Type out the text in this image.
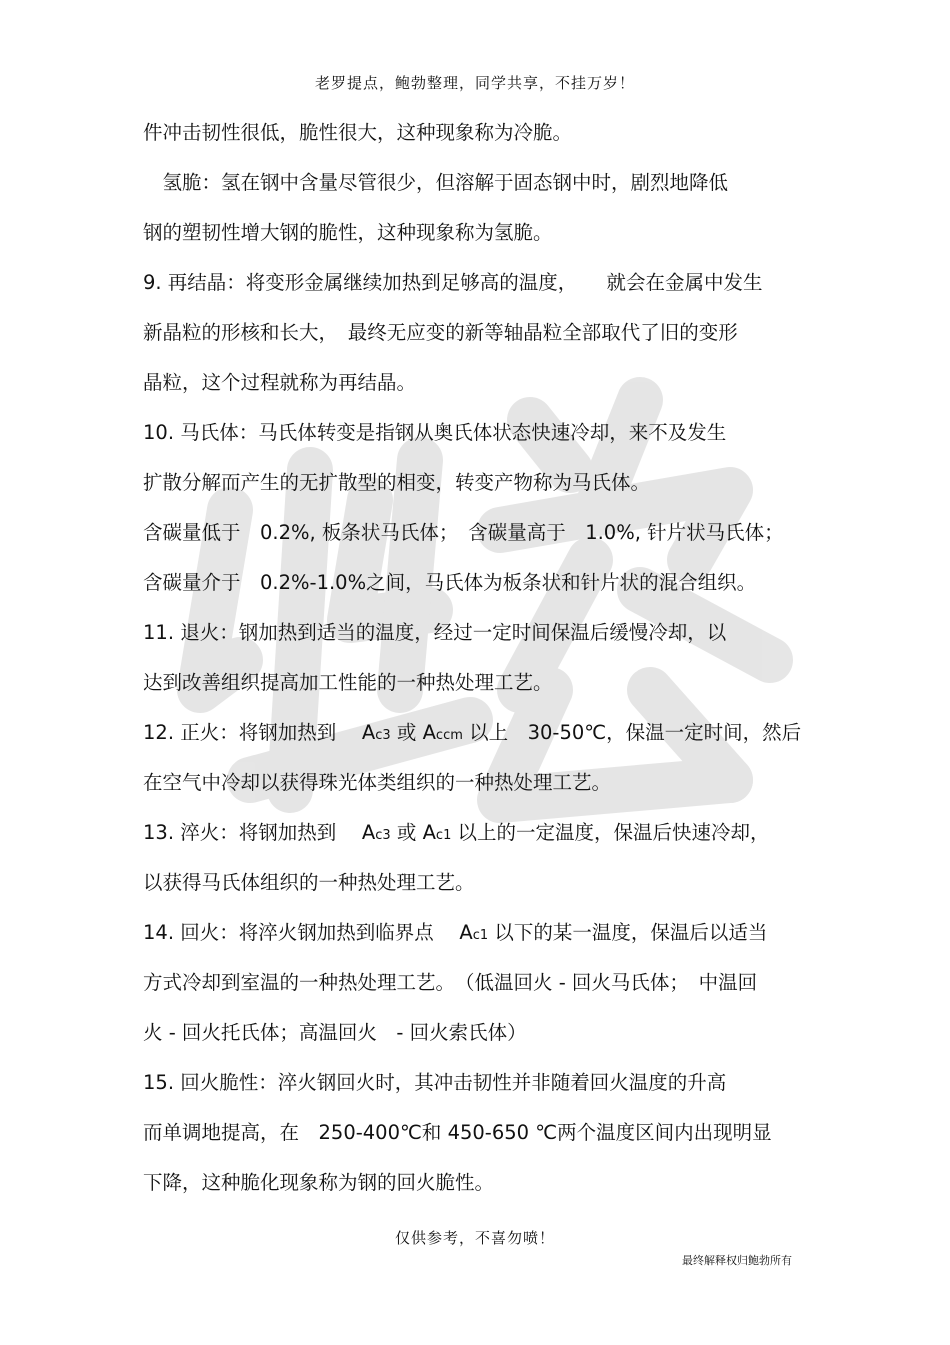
老罗提点，鲍勃整理，同学共享，不挂万岁！
件冲击韧性很低，脆性很大，这种现象称为冷脆。
　氢脆：氢在钢中含量尽管很少，但溶解于固态钢中时，剧烈地降低
钢的塑韧性增大钢的脆性，这种现象称为氢脆。
9. 再结晶：将变形金属继续加热到足够高的温度，　　就会在金属中发生
新晶粒的形核和长大，　最终无应变的新等轴晶粒全部取代了旧的变形
晶粒，这个过程就称为再结晶。
10. 马氏体：马氏体转变是指钢从奥氏体状态快速冷却，来不及发生
扩散分解而产生的无扩散型的相变，转变产物称为马氏体。
含碳量低于　0.2%, 板条状马氏体；　含碳量高于　1.0%, 针片状马氏体；
含碳量介于　0.2%-1.0%之间，马氏体为板条状和针片状的混合组织。
11. 退火：钢加热到适当的温度，经过一定时间保温后缓慢冷却，以
达到改善组织提高加工性能的一种热处理工艺。
12. 正火：将钢加热到　 Ac3 或 Accm 以上　30-50℃，保温一定时间，然后
在空气中冷却以获得珠光体类组织的一种热处理工艺。
13. 淬火：将钢加热到　 Ac3 或 Ac1 以上的一定温度，保温后快速冷却，
以获得马氏体组织的一种热处理工艺。
14. 回火：将淬火钢加热到临界点　 Ac1 以下的某一温度，保温后以适当
方式冷却到室温的一种热处理工艺。　（低温回火 - 回火马氏体；　中温回
火 - 回火托氏体；高温回火　- 回火索氏体）
15. 回火脆性：淬火钢回火时，其冲击韧性并非随着回火温度的升高
而单调地提高，在　250-400℃和 450-650 ℃两个温度区间内出现明显
下降，这种脆化现象称为钢的回火脆性。
仅供参考，不喜勿喷！
最终解释权归鲍勃所有
